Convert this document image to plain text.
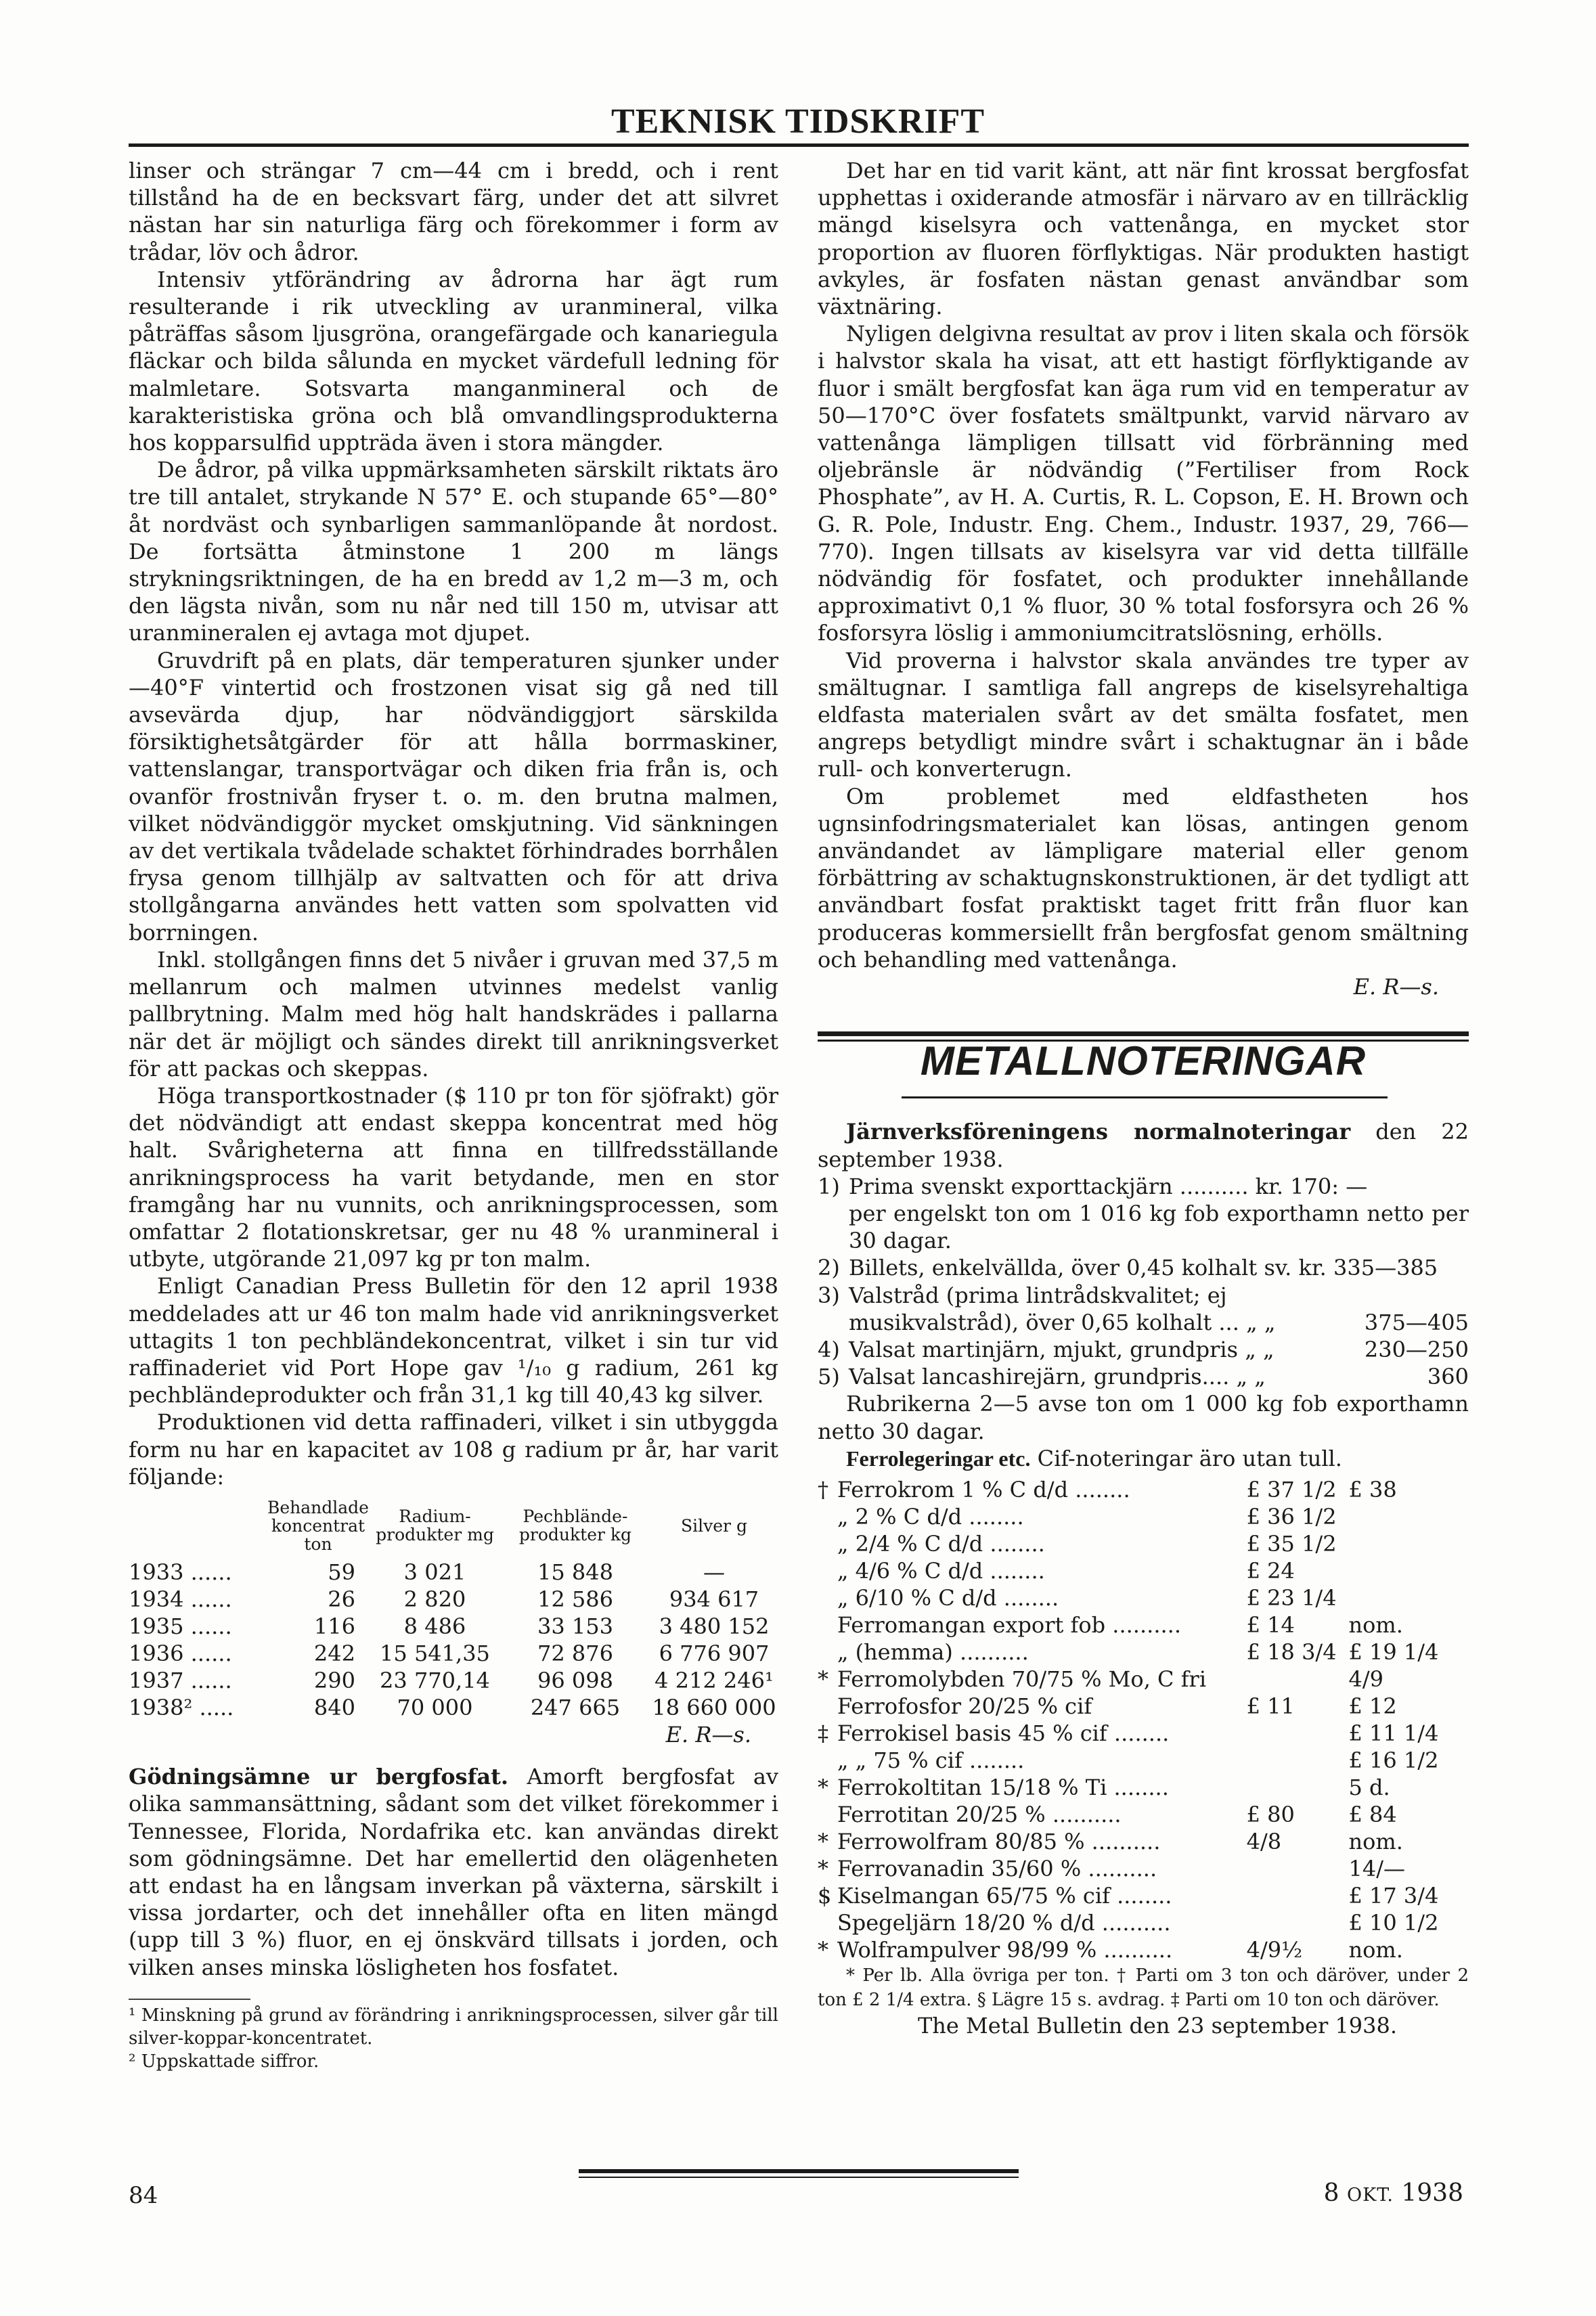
TEKNISK TIDSKRIFT

linser och strängar 7 cm—44 cm i bredd, och i rent tillstånd ha de en becksvart färg, under det att silvret nästan har sin naturliga färg och förekommer i form av trådar, löv och ådror.

Intensiv ytförändring av ådrorna har ägt rum resulterande i rik utveckling av uranmineral, vilka påträffas såsom ljusgröna, orangefärgade och kanariegula fläckar och bilda sålunda en mycket värdefull ledning för malmletare. Sotsvarta manganmineral och de karakteristiska gröna och blå omvandlingsprodukterna hos kopparsulfid uppträda även i stora mängder.

De ådror, på vilka uppmärksamheten särskilt riktats äro tre till antalet, strykande N 57° E. och stupande 65°—80° åt nordväst och synbarligen sammanlöpande åt nordost. De fortsätta åtminstone 1 200 m längs strykningsriktningen, de ha en bredd av 1,2 m—3 m, och den lägsta nivån, som nu når ned till 150 m, utvisar att uranmineralen ej avtaga mot djupet.

Gruvdrift på en plats, där temperaturen sjunker under —40°F vintertid och frostzonen visat sig gå ned till avsevärda djup, har nödvändiggjort särskilda försiktighetsåtgärder för att hålla borrmaskiner, vattenslangar, transportvägar och diken fria från is, och ovanför frostnivån fryser t. o. m. den brutna malmen, vilket nödvändiggör mycket omskjutning. Vid sänkningen av det vertikala tvådelade schaktet förhindrades borrhålen frysa genom tillhjälp av saltvatten och för att driva stollgångarna användes hett vatten som spolvatten vid borrningen.

Inkl. stollgången finns det 5 nivåer i gruvan med 37,5 m mellanrum och malmen utvinnes medelst vanlig pallbrytning. Malm med hög halt handskrädes i pallarna när det är möjligt och sändes direkt till anrikningsverket för att packas och skeppas.

Höga transportkostnader ($ 110 pr ton för sjöfrakt) gör det nödvändigt att endast skeppa koncentrat med hög halt. Svårigheterna att finna en tillfredsställande anrikningsprocess ha varit betydande, men en stor framgång har nu vunnits, och anrikningsprocessen, som omfattar 2 flotationskretsar, ger nu 48 % uranmineral i utbyte, utgörande 21,097 kg pr ton malm.

Enligt Canadian Press Bulletin för den 12 april 1938 meddelades att ur 46 ton malm hade vid anrikningsverket uttagits 1 ton pechbländekoncentrat, vilket i sin tur vid raffinaderiet vid Port Hope gav ¹/₁₀ g radium, 261 kg pechbländeprodukter och från 31,1 kg till 40,43 kg silver.

Produktionen vid detta raffinaderi, vilket i sin utbyggda form nu har en kapacitet av 108 g radium pr år, har varit följande:

	Behandlade koncentrat ton	Radium-produkter mg	Pechblände-produkter kg	Silver g
1933 ......	59	3 021	15 848	—
1934 ......	26	2 820	12 586	934 617
1935 ......	116	8 486	33 153	3 480 152
1936 ......	242	15 541,35	72 876	6 776 907
1937 ......	290	23 770,14	96 098	4 212 246¹
1938² .....	840	70 000	247 665	18 660 000

E. R—s.

Gödningsämne ur bergfosfat. Amorft bergfosfat av olika sammansättning, sådant som det vilket förekommer i Tennessee, Florida, Nordafrika etc. kan användas direkt som gödningsämne. Det har emellertid den olägenheten att endast ha en långsam inverkan på växterna, särskilt i vissa jordarter, och det innehåller ofta en liten mängd (upp till 3 %) fluor, en ej önskvärd tillsats i jorden, och vilken anses minska lösligheten hos fosfatet.

¹ Minskning på grund av förändring i anrikningsprocessen, silver går till silver-koppar-koncentratet.

² Uppskattade siffror.

Det har en tid varit känt, att när fint krossat bergfosfat upphettas i oxiderande atmosfär i närvaro av en tillräcklig mängd kiselsyra och vattenånga, en mycket stor proportion av fluoren förflyktigas. När produkten hastigt avkyles, är fosfaten nästan genast användbar som växtnäring.

Nyligen delgivna resultat av prov i liten skala och försök i halvstor skala ha visat, att ett hastigt förflyktigande av fluor i smält bergfosfat kan äga rum vid en temperatur av 50—170°C över fosfatets smältpunkt, varvid närvaro av vattenånga lämpligen tillsatt vid förbränning med oljebränsle är nödvändig (”Fertiliser from Rock Phosphate”, av H. A. Curtis, R. L. Copson, E. H. Brown och G. R. Pole, Industr. Eng. Chem., Industr. 1937, 29, 766—770). Ingen tillsats av kiselsyra var vid detta tillfälle nödvändig för fosfatet, och produkter innehållande approximativt 0,1 % fluor, 30 % total fosforsyra och 26 % fosforsyra löslig i ammoniumcitratslösning, erhölls.

Vid proverna i halvstor skala användes tre typer av smältugnar. I samtliga fall angreps de kiselsyrehaltiga eldfasta materialen svårt av det smälta fosfatet, men angreps betydligt mindre svårt i schaktugnar än i både rull- och konverterugn.

Om problemet med eldfastheten hos ugnsinfodringsmaterialet kan lösas, antingen genom användandet av lämpligare material eller genom förbättring av schaktugnskonstruktionen, är det tydligt att användbart fosfat praktiskt taget fritt från fluor kan produceras kommersiellt från bergfosfat genom smältning och behandling med vattenånga.

E. R—s.

METALLNOTERINGAR

Järnverksföreningens normalnoteringar den 22 september 1938.

1) Prima svenskt exporttackjärn .......... kr. 170: —
per engelskt ton om 1 016 kg fob exporthamn netto per 30 dagar.
2) Billets, enkelvällda, över 0,45 kolhalt sv. kr. 335—385
3) Valstråd (prima lintrådskvalitet; ej
musikvalstråd), över 0,65 kolhalt ... „ „	375—405
4) Valsat martinjärn, mjukt, grundpris „ „	230—250
5) Valsat lancashirejärn, grundpris.... „ „	360

Rubrikerna 2—5 avse ton om 1 000 kg fob exporthamn netto 30 dagar.

Ferrolegeringar etc. Cif-noteringar äro utan tull.

†	Ferrokrom 1 % C d/d ........	£ 37 1/2	£ 38
	„ 2 % C d/d ........	£ 36 1/2	
	„ 2/4 % C d/d ........	£ 35 1/2	
	„ 4/6 % C d/d ........	£ 24	
	„ 6/10 % C d/d ........	£ 23 1/4	
	Ferromangan export fob ..........	£ 14	nom.
	„ (hemma) ..........	£ 18 3/4	£ 19 1/4
*	Ferromolybden 70/75 % Mo, C fri		4/9
	Ferrofosfor 20/25 % cif	£ 11	£ 12
‡	Ferrokisel basis 45 % cif ........		£ 11 1/4
	„ „ 75 % cif ........		£ 16 1/2
*	Ferrokoltitan 15/18 % Ti ........		5 d.
	Ferrotitan 20/25 % ..........	£ 80	£ 84
*	Ferrowolfram 80/85 % ..........	4/8	nom.
*	Ferrovanadin 35/60 % ..........		14/—
$	Kiselmangan 65/75 % cif ........		£ 17 3/4
	Spegeljärn 18/20 % d/d ..........		£ 10 1/2
*	Wolframpulver 98/99 % ..........	4/9½	nom.

* Per lb. Alla övriga per ton. † Parti om 3 ton och däröver, under 2 ton £ 2 1/4 extra. § Lägre 15 s. avdrag. ‡ Parti om 10 ton och däröver.

The Metal Bulletin den 23 september 1938.

84	8 OKT. 1938
